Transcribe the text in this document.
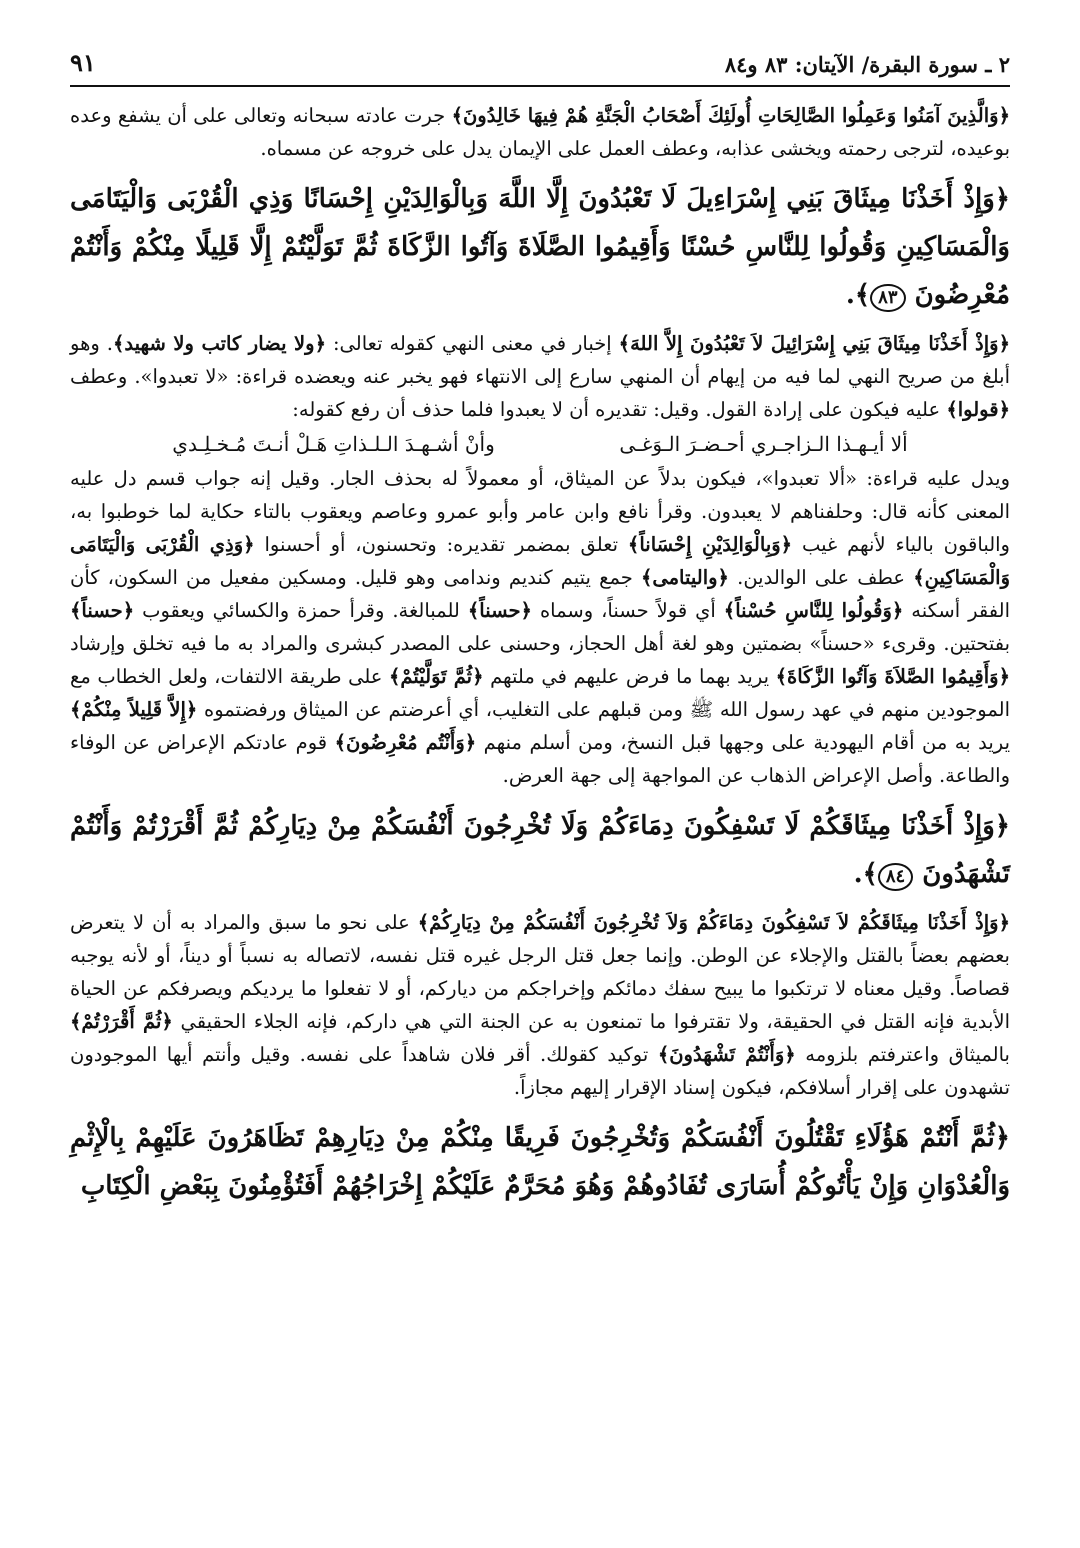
٢ ـ سورة البقرة/ الآيتان: ٨٣ و٨٤
٩١

﴿وَالَّذِينَ آمَنُوا وَعَمِلُوا الصَّالِحَاتِ أُولَئِكَ أَصْحَابُ الْجَنَّةِ هُمْ فِيهَا خَالِدُونَ﴾ جرت عادته سبحانه وتعالى على أن يشفع وعده بوعيده، لترجى رحمته ويخشى عذابه، وعطف العمل على الإيمان يدل على خروجه عن مسماه.

﴿وَإِذْ أَخَذْنَا مِيثَاقَ بَنِي إِسْرَاءِيلَ لَا تَعْبُدُونَ إِلَّا اللَّهَ وَبِالْوَالِدَيْنِ إِحْسَانًا وَذِي الْقُرْبَى وَالْيَتَامَى وَالْمَسَاكِينِ وَقُولُوا لِلنَّاسِ حُسْنًا وَأَقِيمُوا الصَّلَاةَ وَآتُوا الزَّكَاةَ ثُمَّ تَوَلَّيْتُمْ إِلَّا قَلِيلًا مِنْكُمْ وَأَنْتُمْ مُعْرِضُونَ ٨٣﴾.

﴿وَإِذْ أَخَذْنَا مِيثَاقَ بَنِي إِسْرَائِيلَ لاَ تَعْبُدُونَ إِلاَّ اللهَ﴾ إخبار في معنى النهي كقوله تعالى: ﴿ولا يضار كاتب ولا شهيد﴾. وهو أبلغ من صريح النهي لما فيه من إيهام أن المنهي سارع إلى الانتهاء فهو يخبر عنه ويعضده قراءة: «لا تعبدوا». وعطف ﴿قولوا﴾ عليه فيكون على إرادة القول. وقيل: تقديره أن لا يعبدوا فلما حذف أن رفع كقوله:

ألا أيـهـذا الـزاجـري أحـضـرَ الـوَغـى
وأنْ أشـهـدَ الـلـذاتِ هَـلْ أنـتَ مُـخـلِـدي

ويدل عليه قراءة: «ألا تعبدوا»، فيكون بدلاً عن الميثاق، أو معمولاً له بحذف الجار. وقيل إنه جواب قسم دل عليه المعنى كأنه قال: وحلفناهم لا يعبدون. وقرأ نافع وابن عامر وأبو عمرو وعاصم ويعقوب بالتاء حكاية لما خوطبوا به، والباقون بالياء لأنهم غيب ﴿وَبِالْوَالِدَيْنِ إِحْسَاناً﴾ تعلق بمضمر تقديره: وتحسنون، أو أحسنوا ﴿وَذِي الْقُرْبَى وَالْيَتَامَى وَالْمَسَاكِينِ﴾ عطف على الوالدين. ﴿واليتامى﴾ جمع يتيم كنديم وندامى وهو قليل. ومسكين مفعيل من السكون، كأن الفقر أسكنه ﴿وَقُولُوا لِلنَّاسِ حُسْناً﴾ أي قولاً حسناً، وسماه ﴿حسناً﴾ للمبالغة. وقرأ حمزة والكسائي ويعقوب ﴿حسناً﴾ بفتحتين. وقرىء «حسناً» بضمتين وهو لغة أهل الحجاز، وحسنى على المصدر كبشرى والمراد به ما فيه تخلق وإرشاد ﴿وَأَقِيمُوا الصَّلاَةَ وَآتُوا الزَّكَاةَ﴾ يريد بهما ما فرض عليهم في ملتهم ﴿ثُمَّ تَوَلَّيْتُمْ﴾ على طريقة الالتفات، ولعل الخطاب مع الموجودين منهم في عهد رسول الله ﷺ ومن قبلهم على التغليب، أي أعرضتم عن الميثاق ورفضتموه ﴿إِلاَّ قَلِيلاً مِنْكُمْ﴾ يريد به من أقام اليهودية على وجهها قبل النسخ، ومن أسلم منهم ﴿وَأَنْتُم مُعْرِضُونَ﴾ قوم عادتكم الإعراض عن الوفاء والطاعة. وأصل الإعراض الذهاب عن المواجهة إلى جهة العرض.

﴿وَإِذْ أَخَذْنَا مِيثَاقَكُمْ لَا تَسْفِكُونَ دِمَاءَكُمْ وَلَا تُخْرِجُونَ أَنْفُسَكُمْ مِنْ دِيَارِكُمْ ثُمَّ أَقْرَرْتُمْ وَأَنْتُمْ تَشْهَدُونَ ٨٤﴾.

﴿وَإِذْ أَخَذْنَا مِيثَاقَكُمْ لاَ تَسْفِكُونَ دِمَاءَكُمْ وَلاَ تُخْرِجُونَ أَنْفُسَكُمْ مِنْ دِيَارِكُمْ﴾ على نحو ما سبق والمراد به أن لا يتعرض بعضهم بعضاً بالقتل والإجلاء عن الوطن. وإنما جعل قتل الرجل غيره قتل نفسه، لاتصاله به نسباً أو ديناً، أو لأنه يوجبه قصاصاً. وقيل معناه لا ترتكبوا ما يبيح سفك دمائكم وإخراجكم من دياركم، أو لا تفعلوا ما يرديكم ويصرفكم عن الحياة الأبدية فإنه القتل في الحقيقة، ولا تقترفوا ما تمنعون به عن الجنة التي هي داركم، فإنه الجلاء الحقيقي ﴿ثُمَّ أَقْرَرْتُمْ﴾ بالميثاق واعترفتم بلزومه ﴿وَأَنْتُمْ تَشْهَدُونَ﴾ توكيد كقولك. أقر فلان شاهداً على نفسه. وقيل وأنتم أيها الموجودون تشهدون على إقرار أسلافكم، فيكون إسناد الإقرار إليهم مجازاً.

﴿ثُمَّ أَنْتُمْ هَؤُلَاءِ تَقْتُلُونَ أَنْفُسَكُمْ وَتُخْرِجُونَ فَرِيقًا مِنْكُمْ مِنْ دِيَارِهِمْ تَظَاهَرُونَ عَلَيْهِمْ بِالْإِثْمِ وَالْعُدْوَانِ وَإِنْ يَأْتُوكُمْ أُسَارَى تُفَادُوهُمْ وَهُوَ مُحَرَّمٌ عَلَيْكُمْ إِخْرَاجُهُمْ أَفَتُؤْمِنُونَ بِبَعْضِ الْكِتَابِ
